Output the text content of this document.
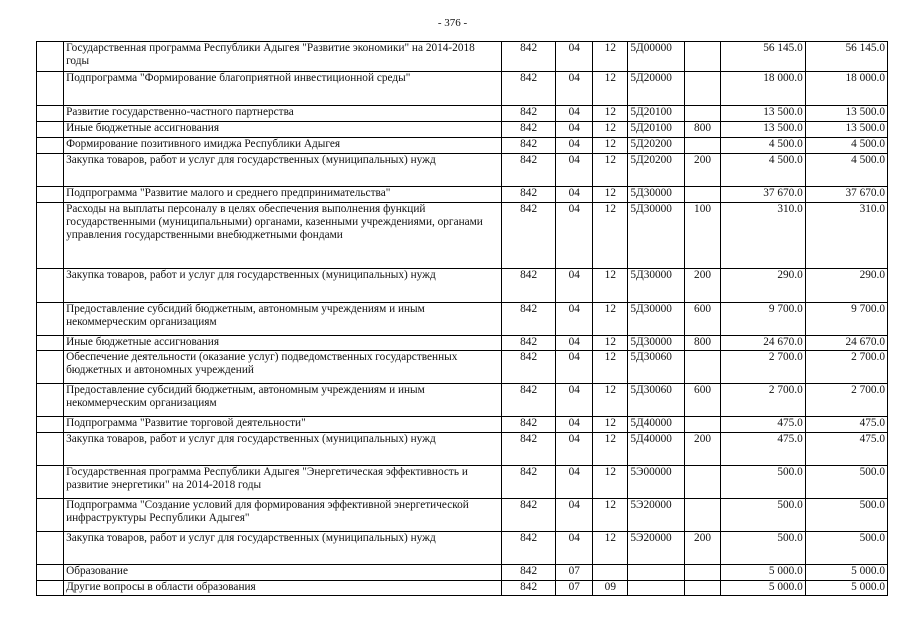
- 376 -
	Государственная программа Республики Адыгея "Развитие экономики" на 2014-2018 годы	842	04	12	5Д00000		56 145.0	56 145.0
	Подпрограмма "Формирование благоприятной инвестиционной среды"	842	04	12	5Д20000		18 000.0	18 000.0
	Развитие государственно-частного партнерства	842	04	12	5Д20100		13 500.0	13 500.0
	Иные бюджетные ассигнования	842	04	12	5Д20100	800	13 500.0	13 500.0
	Формирование позитивного имиджа Республики Адыгея	842	04	12	5Д20200		4 500.0	4 500.0
	Закупка товаров, работ и услуг для государственных (муниципальных) нужд	842	04	12	5Д20200	200	4 500.0	4 500.0
	Подпрограмма "Развитие малого и среднего предпринимательства"	842	04	12	5Д30000		37 670.0	37 670.0
	Расходы на выплаты персоналу в целях обеспечения выполнения функций государственными (муниципальными) органами, казенными учреждениями, органами управления государственными внебюджетными фондами	842	04	12	5Д30000	100	310.0	310.0
	Закупка товаров, работ и услуг для государственных (муниципальных) нужд	842	04	12	5Д30000	200	290.0	290.0
	Предоставление субсидий бюджетным, автономным учреждениям и иным некоммерческим организациям	842	04	12	5Д30000	600	9 700.0	9 700.0
	Иные бюджетные ассигнования	842	04	12	5Д30000	800	24 670.0	24 670.0
	Обеспечение деятельности (оказание услуг) подведомственных государственных бюджетных и автономных учреждений	842	04	12	5Д30060		2 700.0	2 700.0
	Предоставление субсидий бюджетным, автономным учреждениям и иным некоммерческим организациям	842	04	12	5Д30060	600	2 700.0	2 700.0
	Подпрограмма "Развитие торговой деятельности"	842	04	12	5Д40000		475.0	475.0
	Закупка товаров, работ и услуг для государственных (муниципальных) нужд	842	04	12	5Д40000	200	475.0	475.0
	Государственная программа Республики Адыгея "Энергетическая эффективность и развитие энергетики" на 2014-2018 годы	842	04	12	5Э00000		500.0	500.0
	Подпрограмма "Создание условий для формирования эффективной энергетической инфраструктуры Республики Адыгея"	842	04	12	5Э20000		500.0	500.0
	Закупка товаров, работ и услуг для государственных (муниципальных) нужд	842	04	12	5Э20000	200	500.0	500.0
	Образование	842	07				5 000.0	5 000.0
	Другие вопросы в области образования	842	07	09			5 000.0	5 000.0
